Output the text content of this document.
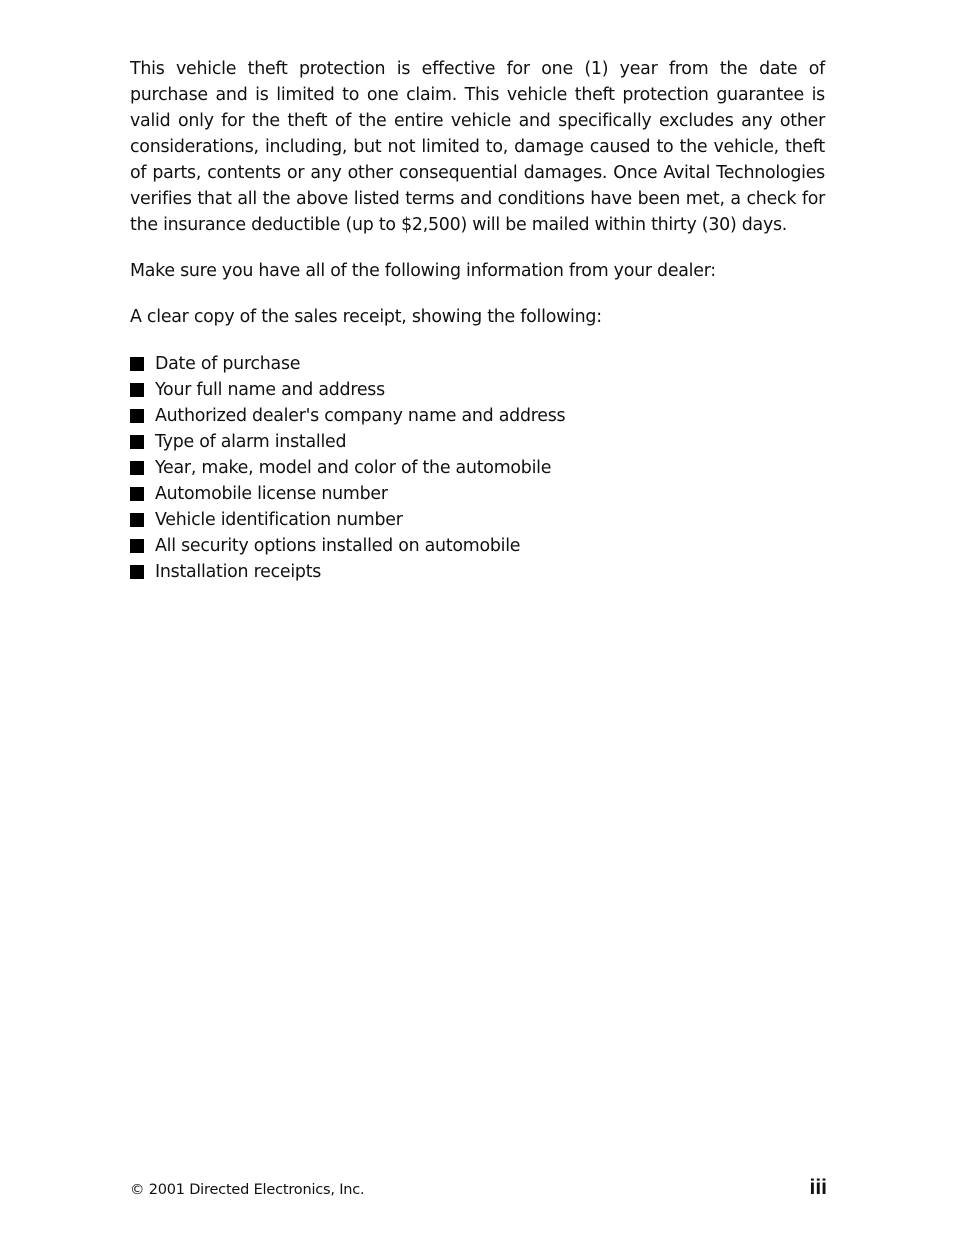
This vehicle theft protection is effective for one (1) year from the date of purchase and is limited to one claim. This vehicle theft protection guarantee is valid only for the theft of the entire vehicle and specifically excludes any other considerations, including, but not limited to, damage caused to the vehicle, theft of parts, contents or any other consequential damages. Once Avital Technologies verifies that all the above listed terms and conditions have been met, a check for the insurance deductible (up to $2,500) will be mailed within thirty (30) days.

Make sure you have all of the following information from your dealer:

A clear copy of the sales receipt, showing the following:

Date of purchase
Your full name and address
Authorized dealer's company name and address
Type of alarm installed
Year, make, model and color of the automobile
Automobile license number
Vehicle identification number
All security options installed on automobile
Installation receipts
© 2001 Directed Electronics, Inc.	iii
